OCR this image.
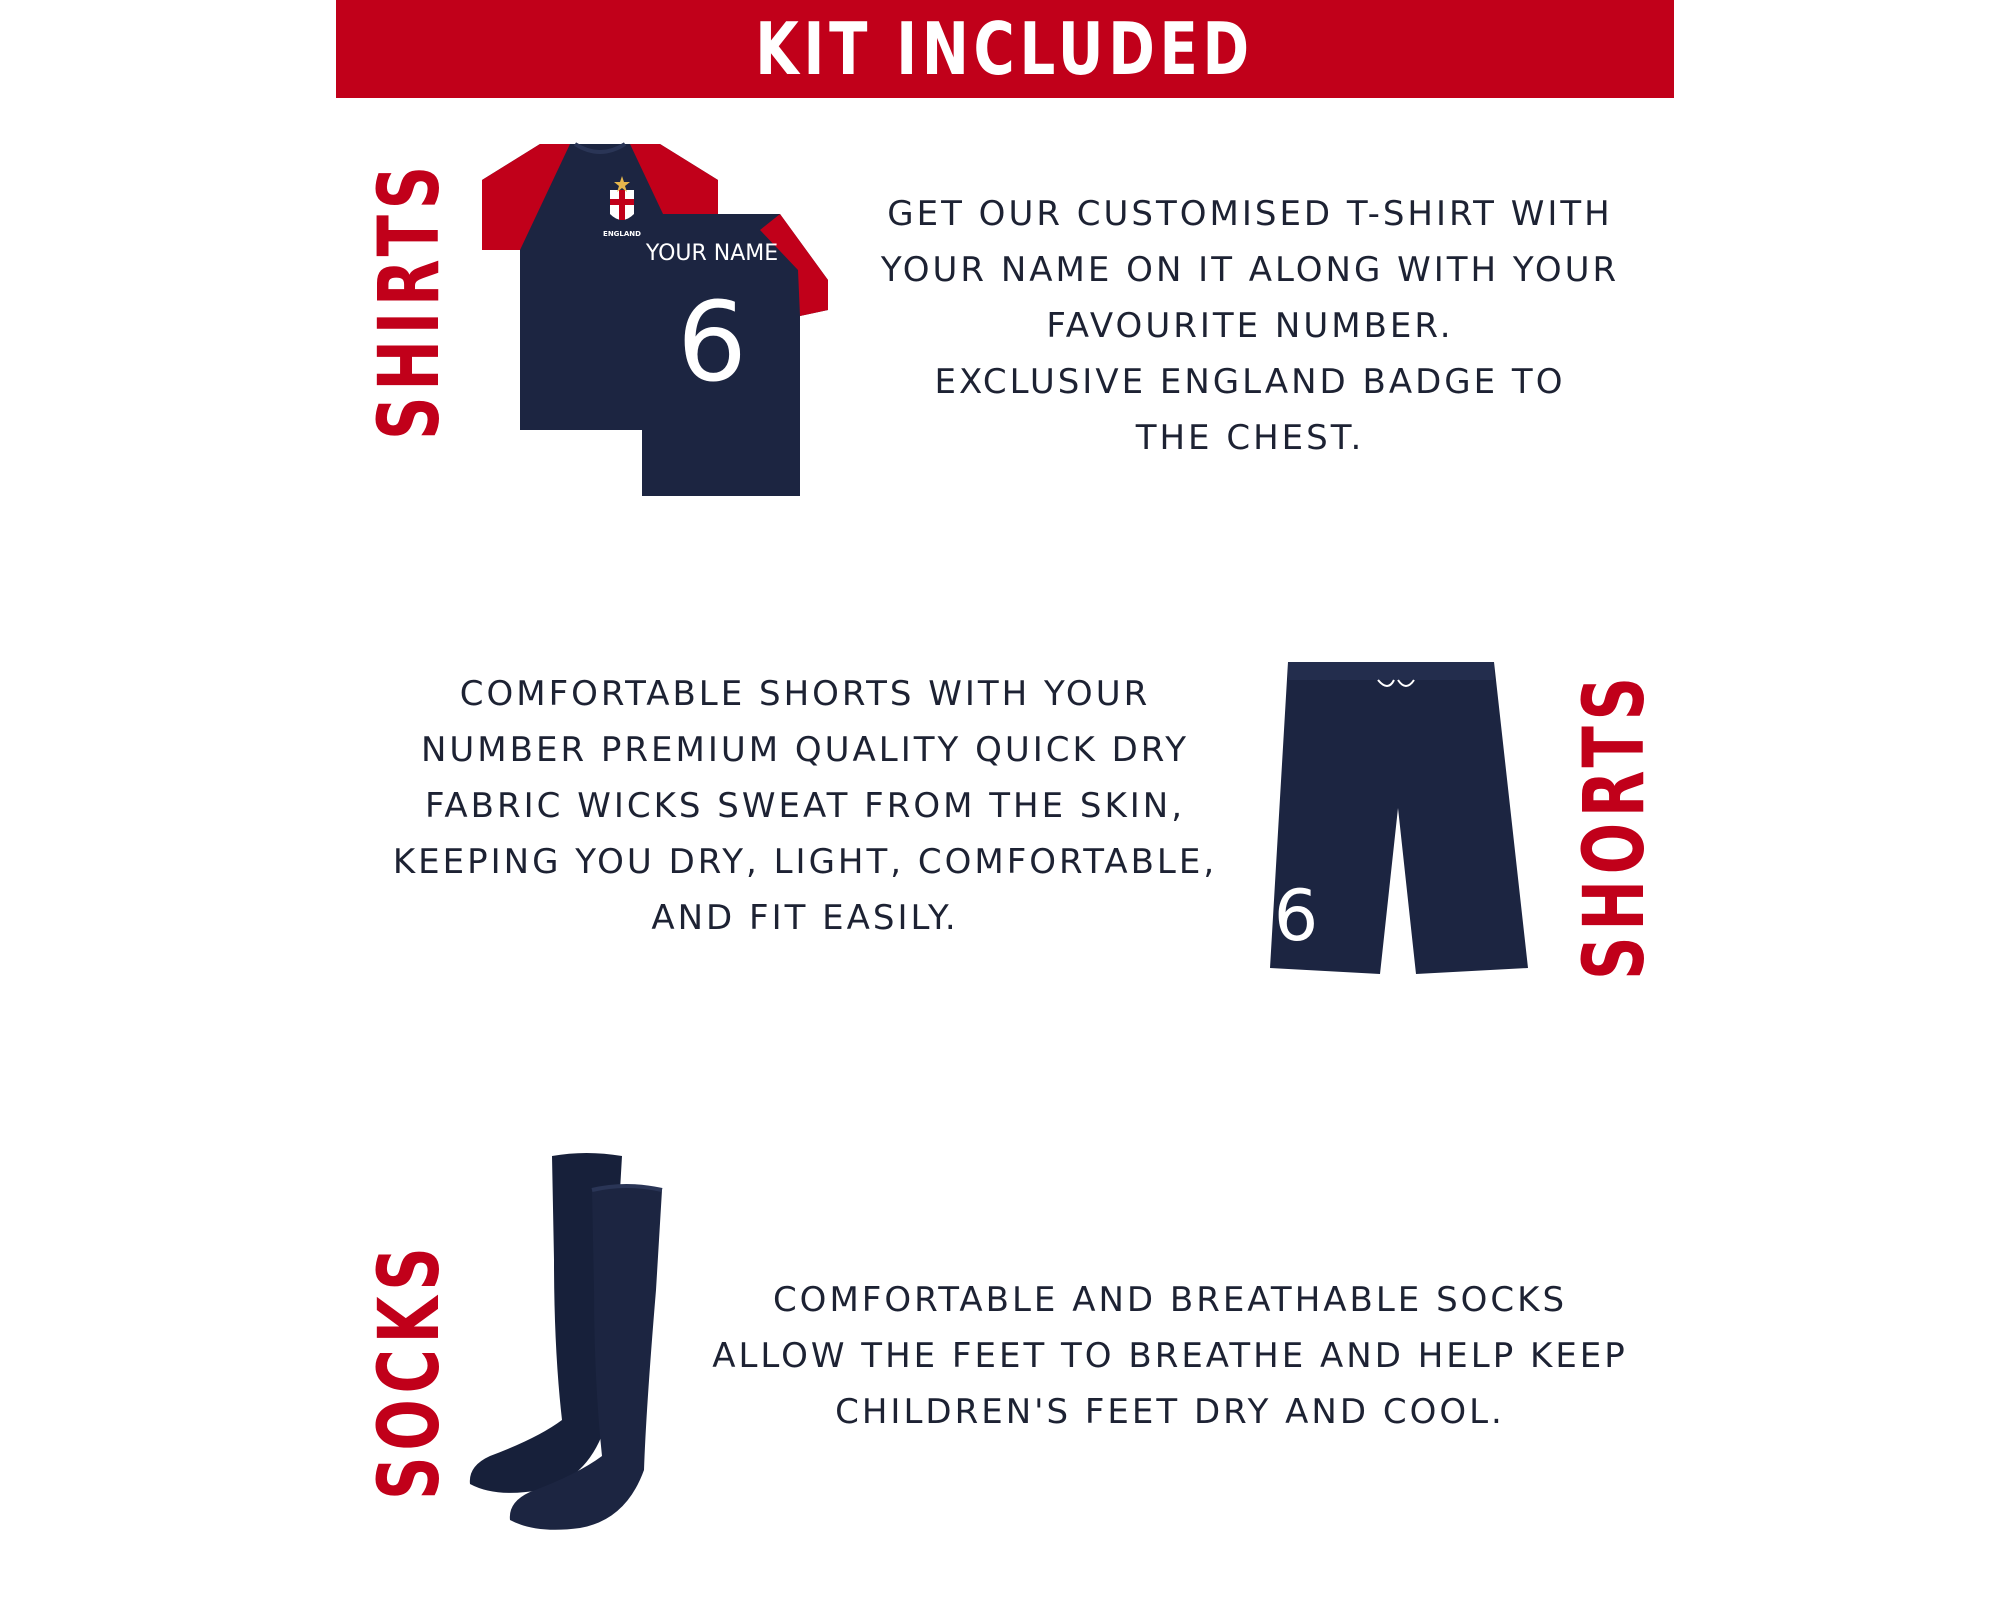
KIT INCLUDED
SHIRTS	ENGLAND
YOUR NAME
6
GET OUR CUSTOMISED T-SHIRT WITH
YOUR NAME ON IT ALONG WITH YOUR
FAVOURITE NUMBER.
EXCLUSIVE ENGLAND BADGE TO
THE CHEST.
COMFORTABLE SHORTS WITH YOUR
NUMBER PREMIUM QUALITY QUICK DRY
FABRIC WICKS SWEAT FROM THE SKIN,
KEEPING YOU DRY, LIGHT, COMFORTABLE,
AND FIT EASILY.	6	SHORTS
SOCKS	COMFORTABLE AND BREATHABLE SOCKS
ALLOW THE FEET TO BREATHE AND HELP KEEP
CHILDREN'S FEET DRY AND COOL.
